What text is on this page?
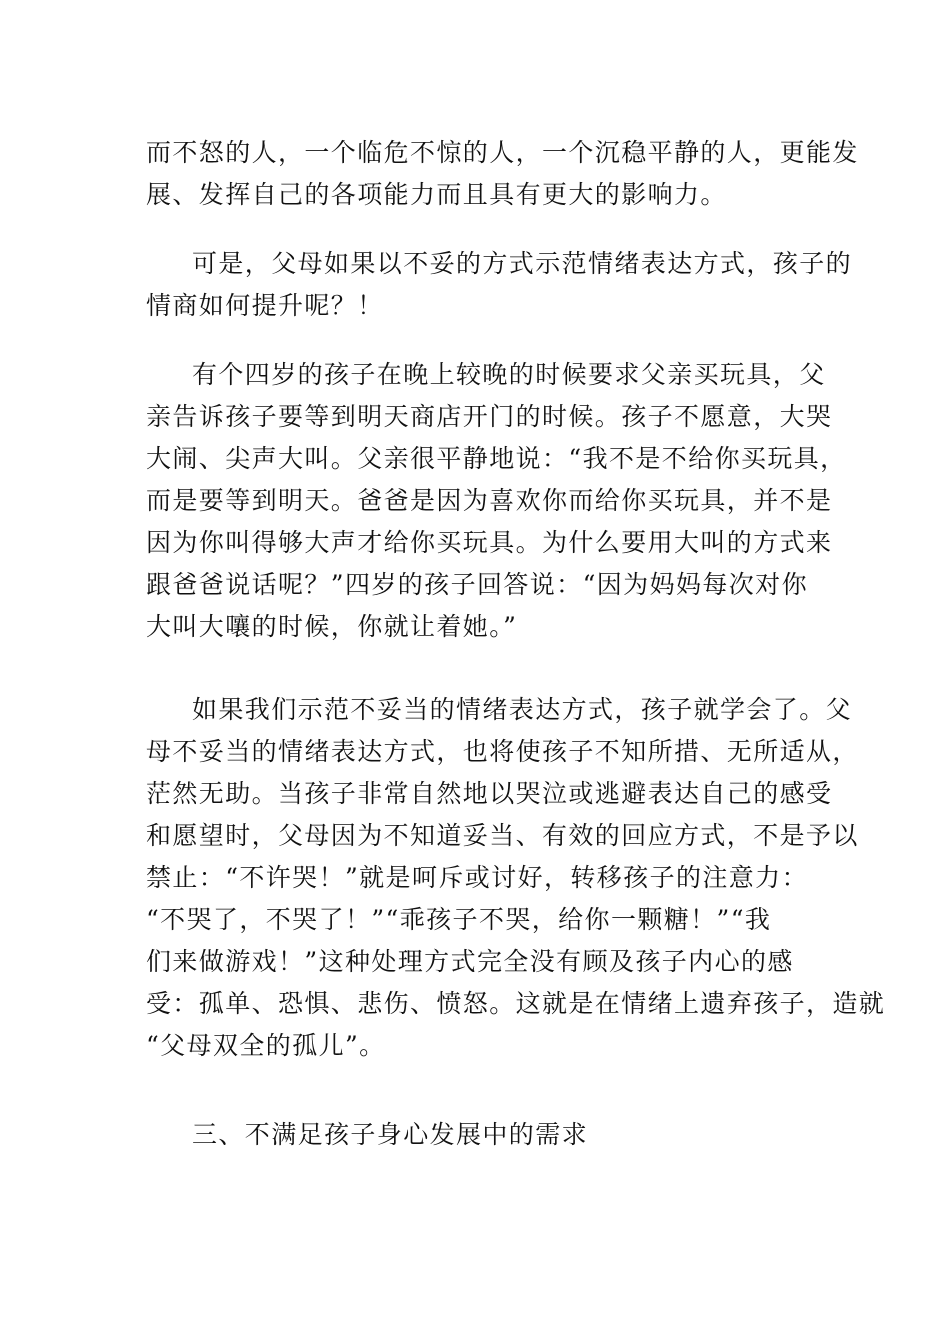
而不怒的人，一个临危不惊的人，一个沉稳平静的人，更能发
展、发挥自己的各项能力而且具有更大的影响力。
可是，父母如果以不妥的方式示范情绪表达方式，孩子的
情商如何提升呢？！
有个四岁的孩子在晚上较晚的时候要求父亲买玩具，父
亲告诉孩子要等到明天商店开门的时候。孩子不愿意，大哭
大闹、尖声大叫。父亲很平静地说：“我不是不给你买玩具，
而是要等到明天。爸爸是因为喜欢你而给你买玩具，并不是
因为你叫得够大声才给你买玩具。为什么要用大叫的方式来
跟爸爸说话呢？”四岁的孩子回答说：“因为妈妈每次对你
大叫大嚷的时候，你就让着她。”
如果我们示范不妥当的情绪表达方式，孩子就学会了。父
母不妥当的情绪表达方式，也将使孩子不知所措、无所适从，
茫然无助。当孩子非常自然地以哭泣或逃避表达自己的感受
和愿望时，父母因为不知道妥当、有效的回应方式，不是予以
禁止：“不许哭！”就是呵斥或讨好，转移孩子的注意力：
“不哭了，不哭了！”“乖孩子不哭，给你一颗糖！”“我
们来做游戏！”这种处理方式完全没有顾及孩子内心的感
受：孤单、恐惧、悲伤、愤怒。这就是在情绪上遗弃孩子，造就
“父母双全的孤儿”。
三、不满足孩子身心发展中的需求
